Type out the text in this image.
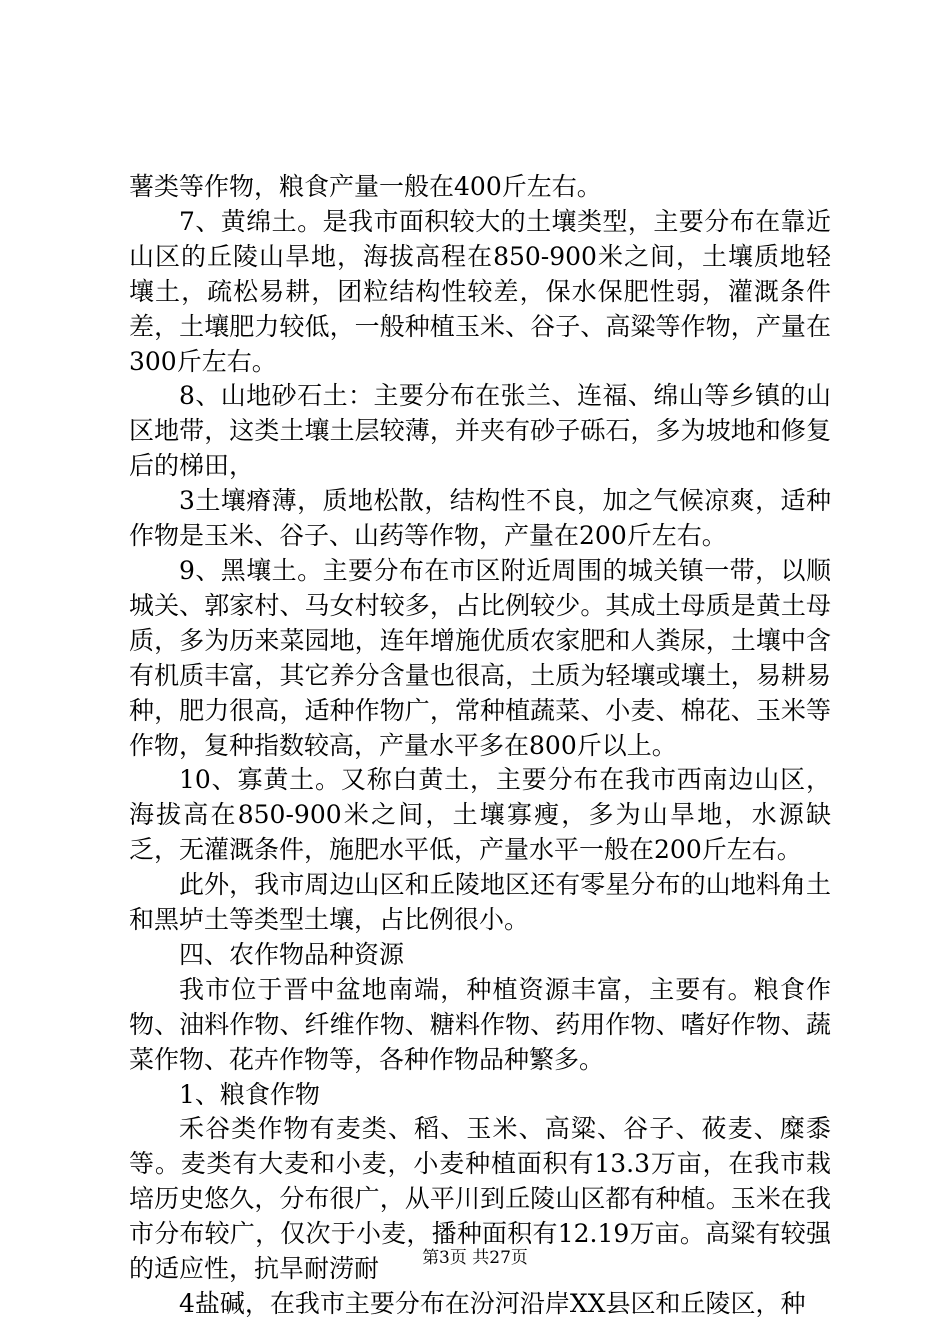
薯类等作物，粮食产量一般在400斤左右。

7、黄绵土。是我市面积较大的土壤类型，主要分布在靠近山区的丘陵山旱地，海拔高程在850-900米之间，土壤质地轻壤土，疏松易耕，团粒结构性较差，保水保肥性弱，灌溉条件差，土壤肥力较低，一般种植玉米、谷子、高粱等作物，产量在300斤左右。

8、山地砂石土：主要分布在张兰、连福、绵山等乡镇的山区地带，这类土壤土层较薄，并夹有砂子砾石，多为坡地和修复后的梯田，

3土壤瘠薄，质地松散，结构性不良，加之气候凉爽，适种作物是玉米、谷子、山药等作物，产量在200斤左右。

9、黑壤土。主要分布在市区附近周围的城关镇一带，以顺城关、郭家村、马女村较多，占比例较少。其成土母质是黄土母质，多为历来菜园地，连年增施优质农家肥和人粪尿，土壤中含有机质丰富，其它养分含量也很高，土质为轻壤或壤土，易耕易种，肥力很高，适种作物广，常种植蔬菜、小麦、棉花、玉米等作物，复种指数较高，产量水平多在800斤以上。

10、寡黄土。又称白黄土，主要分布在我市西南边山区，海拔高在850-900米之间，土壤寡瘦，多为山旱地，水源缺乏，无灌溉条件，施肥水平低，产量水平一般在200斤左右。

此外，我市周边山区和丘陵地区还有零星分布的山地料角土和黑垆土等类型土壤，占比例很小。

四、农作物品种资源

我市位于晋中盆地南端，种植资源丰富，主要有。粮食作物、油料作物、纤维作物、糖料作物、药用作物、嗜好作物、蔬菜作物、花卉作物等，各种作物品种繁多。

1、粮食作物

禾谷类作物有麦类、稻、玉米、高粱、谷子、莜麦、糜黍等。麦类有大麦和小麦，小麦种植面积有13.3万亩，在我市栽培历史悠久，分布很广，从平川到丘陵山区都有种植。玉米在我市分布较广，仅次于小麦，播种面积有12.19万亩。高粱有较强的适应性，抗旱耐涝耐

4盐碱，在我市主要分布在汾河沿岸XX县区和丘陵区，种

第3页 共27页
